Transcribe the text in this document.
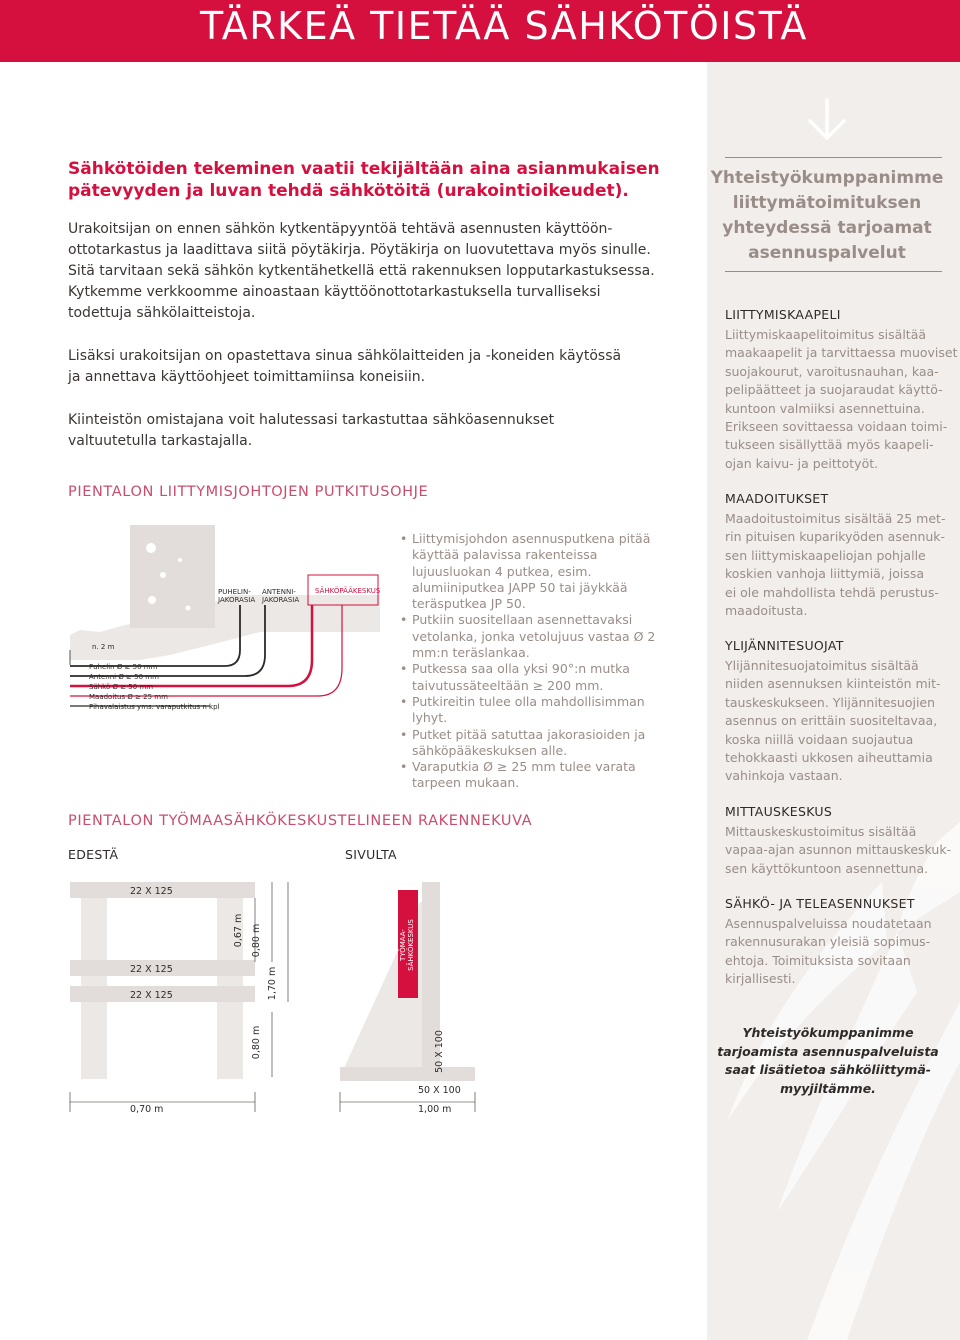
TÄRKEÄ TIETÄÄ SÄHKÖTÖISTÄ
Yhteistyökumppanimme
liittymätoimituksen
yhteydessä tarjoamat
asennuspalvelut
LIITTYMISKAAPELI
Liittymiskaapelitoimitus sisältää
maakaapelit ja tarvittaessa muoviset
suojakourut, varoitusnauhan, kaa-
pelipäätteet ja suojaraudat käyttö-
kuntoon valmiiksi asennettuina.
Erikseen sovittaessa voidaan toimi-
tukseen sisällyttää myös kaapeli-
ojan kaivu- ja peittotyöt.
MAADOITUKSET
Maadoitustoimitus sisältää 25 met-
rin pituisen kuparikyöden asennuk-
sen liittymiskaapeliojan pohjalle
koskien vanhoja liittymiä, joissa
ei ole mahdollista tehdä perustus-
maadoitusta.
YLIJÄNNITESUOJAT
Ylijännitesuojatoimitus sisältää
niiden asennuksen kiinteistön mit-
tauskeskukseen. Ylijännitesuojien
asennus on erittäin suositeltavaa,
koska niillä voidaan suojautua
tehokkaasti ukkosen aiheuttamia
vahinkoja vastaan.
MITTAUSKESKUS
Mittauskeskustoimitus sisältää
vapaa-ajan asunnon mittauskeskuk-
sen käyttökuntoon asennettuna.
SÄHKÖ- JA TELEASENNUKSET
Asennuspalveluissa noudatetaan
rakennusurakan yleisiä sopimus-
ehtoja. Toimituksista sovitaan
kirjallisesti.
Yhteistyökumppanimme
tarjoamista asennuspalveluista
saat lisätietoa sähköliittymä-
myyjiltämme.
Sähkötöiden tekeminen vaatii tekijältään aina asianmukaisen
pätevyyden ja luvan tehdä sähkötöitä (urakointioikeudet).
Urakoitsijan on ennen sähkön kytkentäpyyntöä tehtävä asennusten käyttöön-
ottotarkastus ja laadittava siitä pöytäkirja. Pöytäkirja on luovutettava myös sinulle.
Sitä tarvitaan sekä sähkön kytkentähetkellä että rakennuksen lopputarkastuksessa.
Kytkemme verkkoomme ainoastaan käyttöönottotarkastuksella turvalliseksi
todettuja sähkölaitteistoja.
Lisäksi urakoitsijan on opastettava sinua sähkölaitteiden ja -koneiden käytössä
ja annettava käyttöohjeet toimittamiinsa koneisiin.
Kiinteistön omistajana voit halutessasi tarkastuttaa sähköasennukset
valtuutetulla tarkastajalla.
PIENTALON LIITTYMISJOHTOJEN PUTKITUSOHJE
PUHELIN-
JAKORASIA
ANTENNI-
JAKORASIA
SÄHKÖPÄÄKESKUS
n. 2 m
Puhelin Ø ≥ 50 mm
Antenni Ø ≥ 50 mm
Sähkö Ø ≥ 50 mm
Maadoitus Ø ≥ 25 mm
Pihavalaistus yms. varaputkitus n kpl
• Liittymisjohdon asennusputkena pitää käyttää palavissa rakenteissa lujuusluokan 4 putkea, esim. alumiiniputkea JAPP 50 tai jäykkää teräsputkea JP 50.
• Putkiin suositellaan asennettavaksi vetolanka, jonka vetolujuus vastaa Ø 2 mm:n teräslankaa.
• Putkessa saa olla yksi 90°:n mutka taivutussäteeltään ≥ 200 mm.
• Putkireitin tulee olla mahdollisimman lyhyt.
• Putket pitää satuttaa jakorasioiden ja sähköpääkeskuksen alle.
• Varaputkia Ø ≥ 25 mm tulee varata tarpeen mukaan.
PIENTALON TYÖMAASÄHKÖKESKUSTELINEEN RAKENNEKUVA
EDESTÄ	SIVULTA
22 X 125
22 X 125
22 X 125
0,67 m 0,80 m
1,70 m
0,80 m
0,70 m
TYÖMAA-
SÄHKÖKESKUS
50 X 100
50 X 100
1,00 m
